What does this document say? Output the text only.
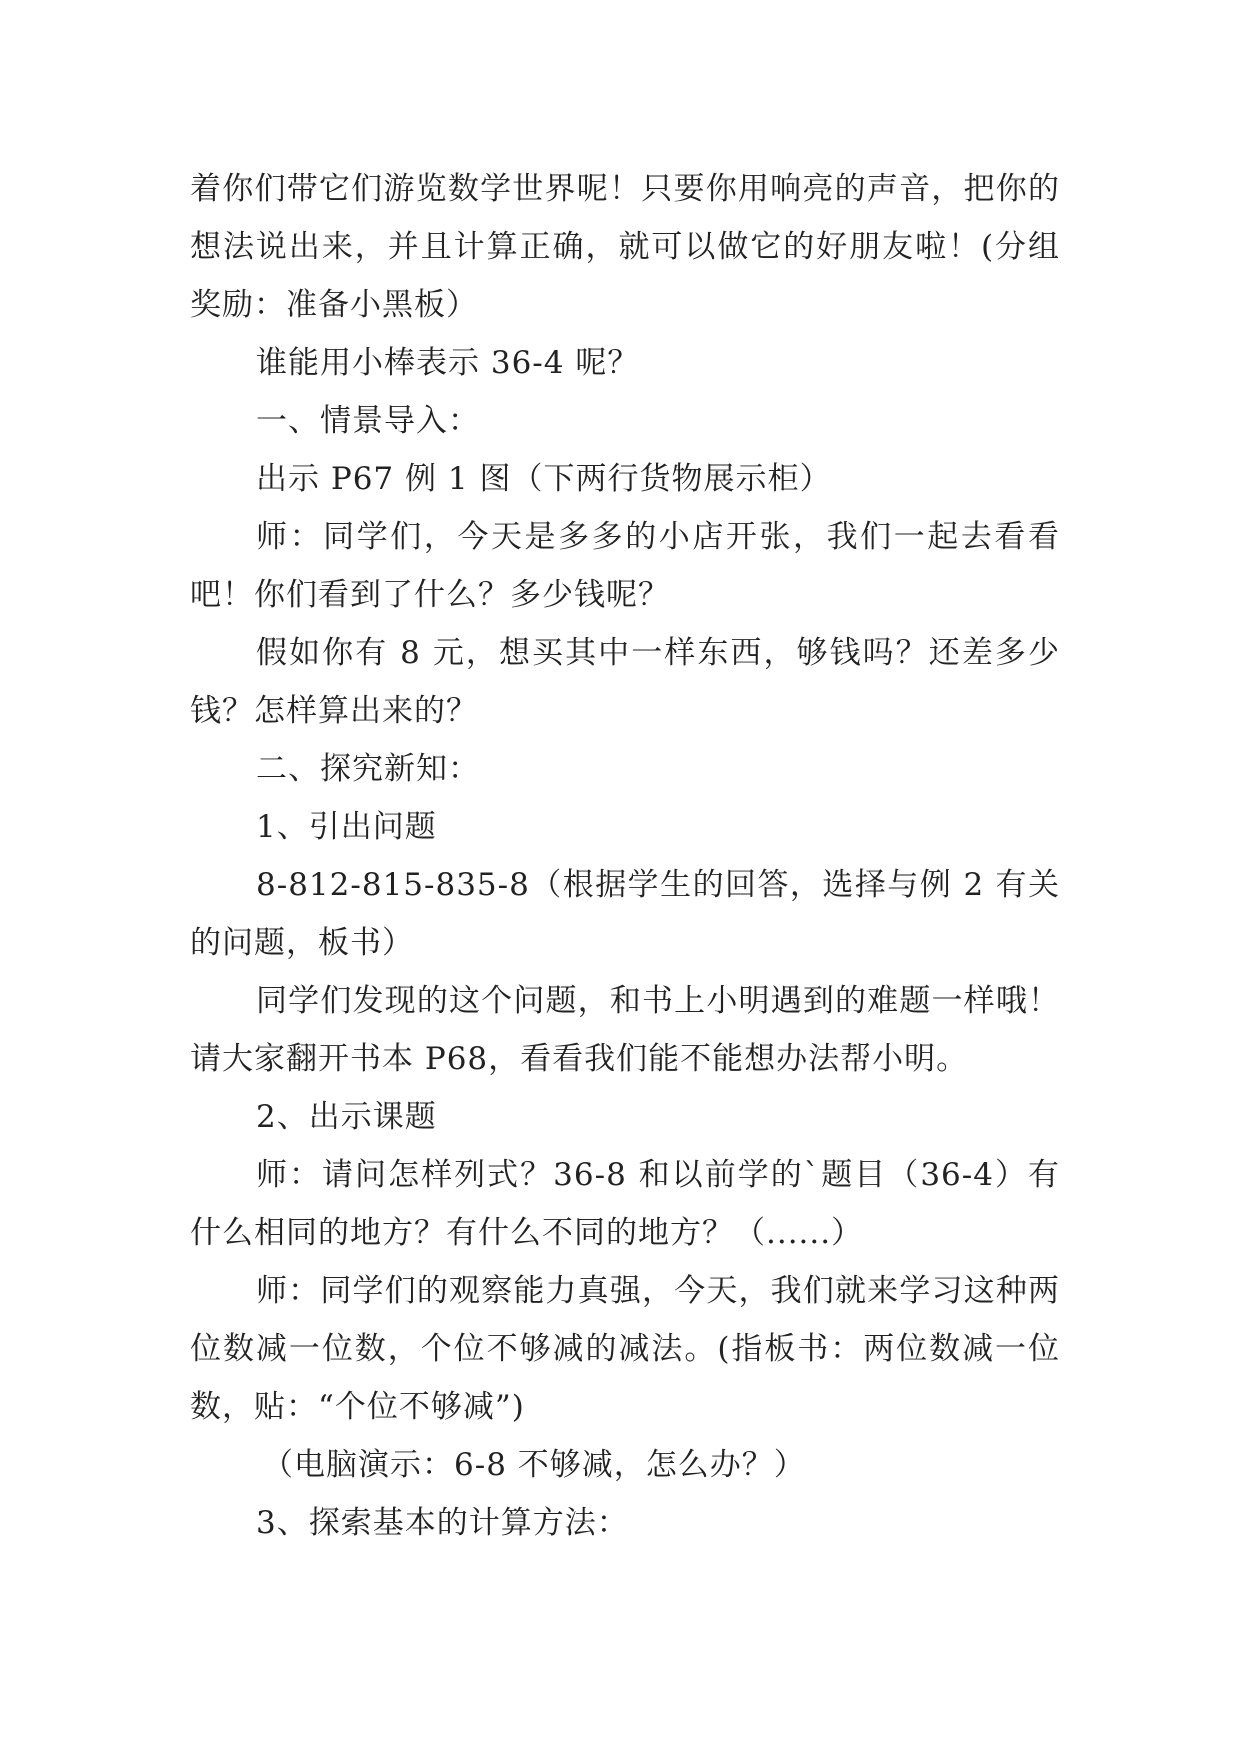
着你们带它们游览数学世界呢！只要你用响亮的声音，把你的想法说出来，并且计算正确，就可以做它的好朋友啦！(分组奖励：准备小黑板）

谁能用小棒表示 36-4 呢？

一、情景导入：

出示 P67 例 1 图（下两行货物展示柜）

师：同学们，今天是多多的小店开张，我们一起去看看吧！你们看到了什么？多少钱呢？

假如你有 8 元，想买其中一样东西，够钱吗？还差多少钱？怎样算出来的？

二、探究新知：

1、引出问题

8-812-815-835-8（根据学生的回答，选择与例 2 有关的问题，板书）

同学们发现的这个问题，和书上小明遇到的难题一样哦！请大家翻开书本 P68，看看我们能不能想办法帮小明。

2、出示课题

师：请问怎样列式？36-8 和以前学的`题目（36-4）有什么相同的地方？有什么不同的地方？（......）

师：同学们的观察能力真强，今天，我们就来学习这种两位数减一位数，个位不够减的减法。(指板书：两位数减一位数，贴：“个位不够减”)

（电脑演示：6-8 不够减，怎么办？）

3、探索基本的计算方法：
